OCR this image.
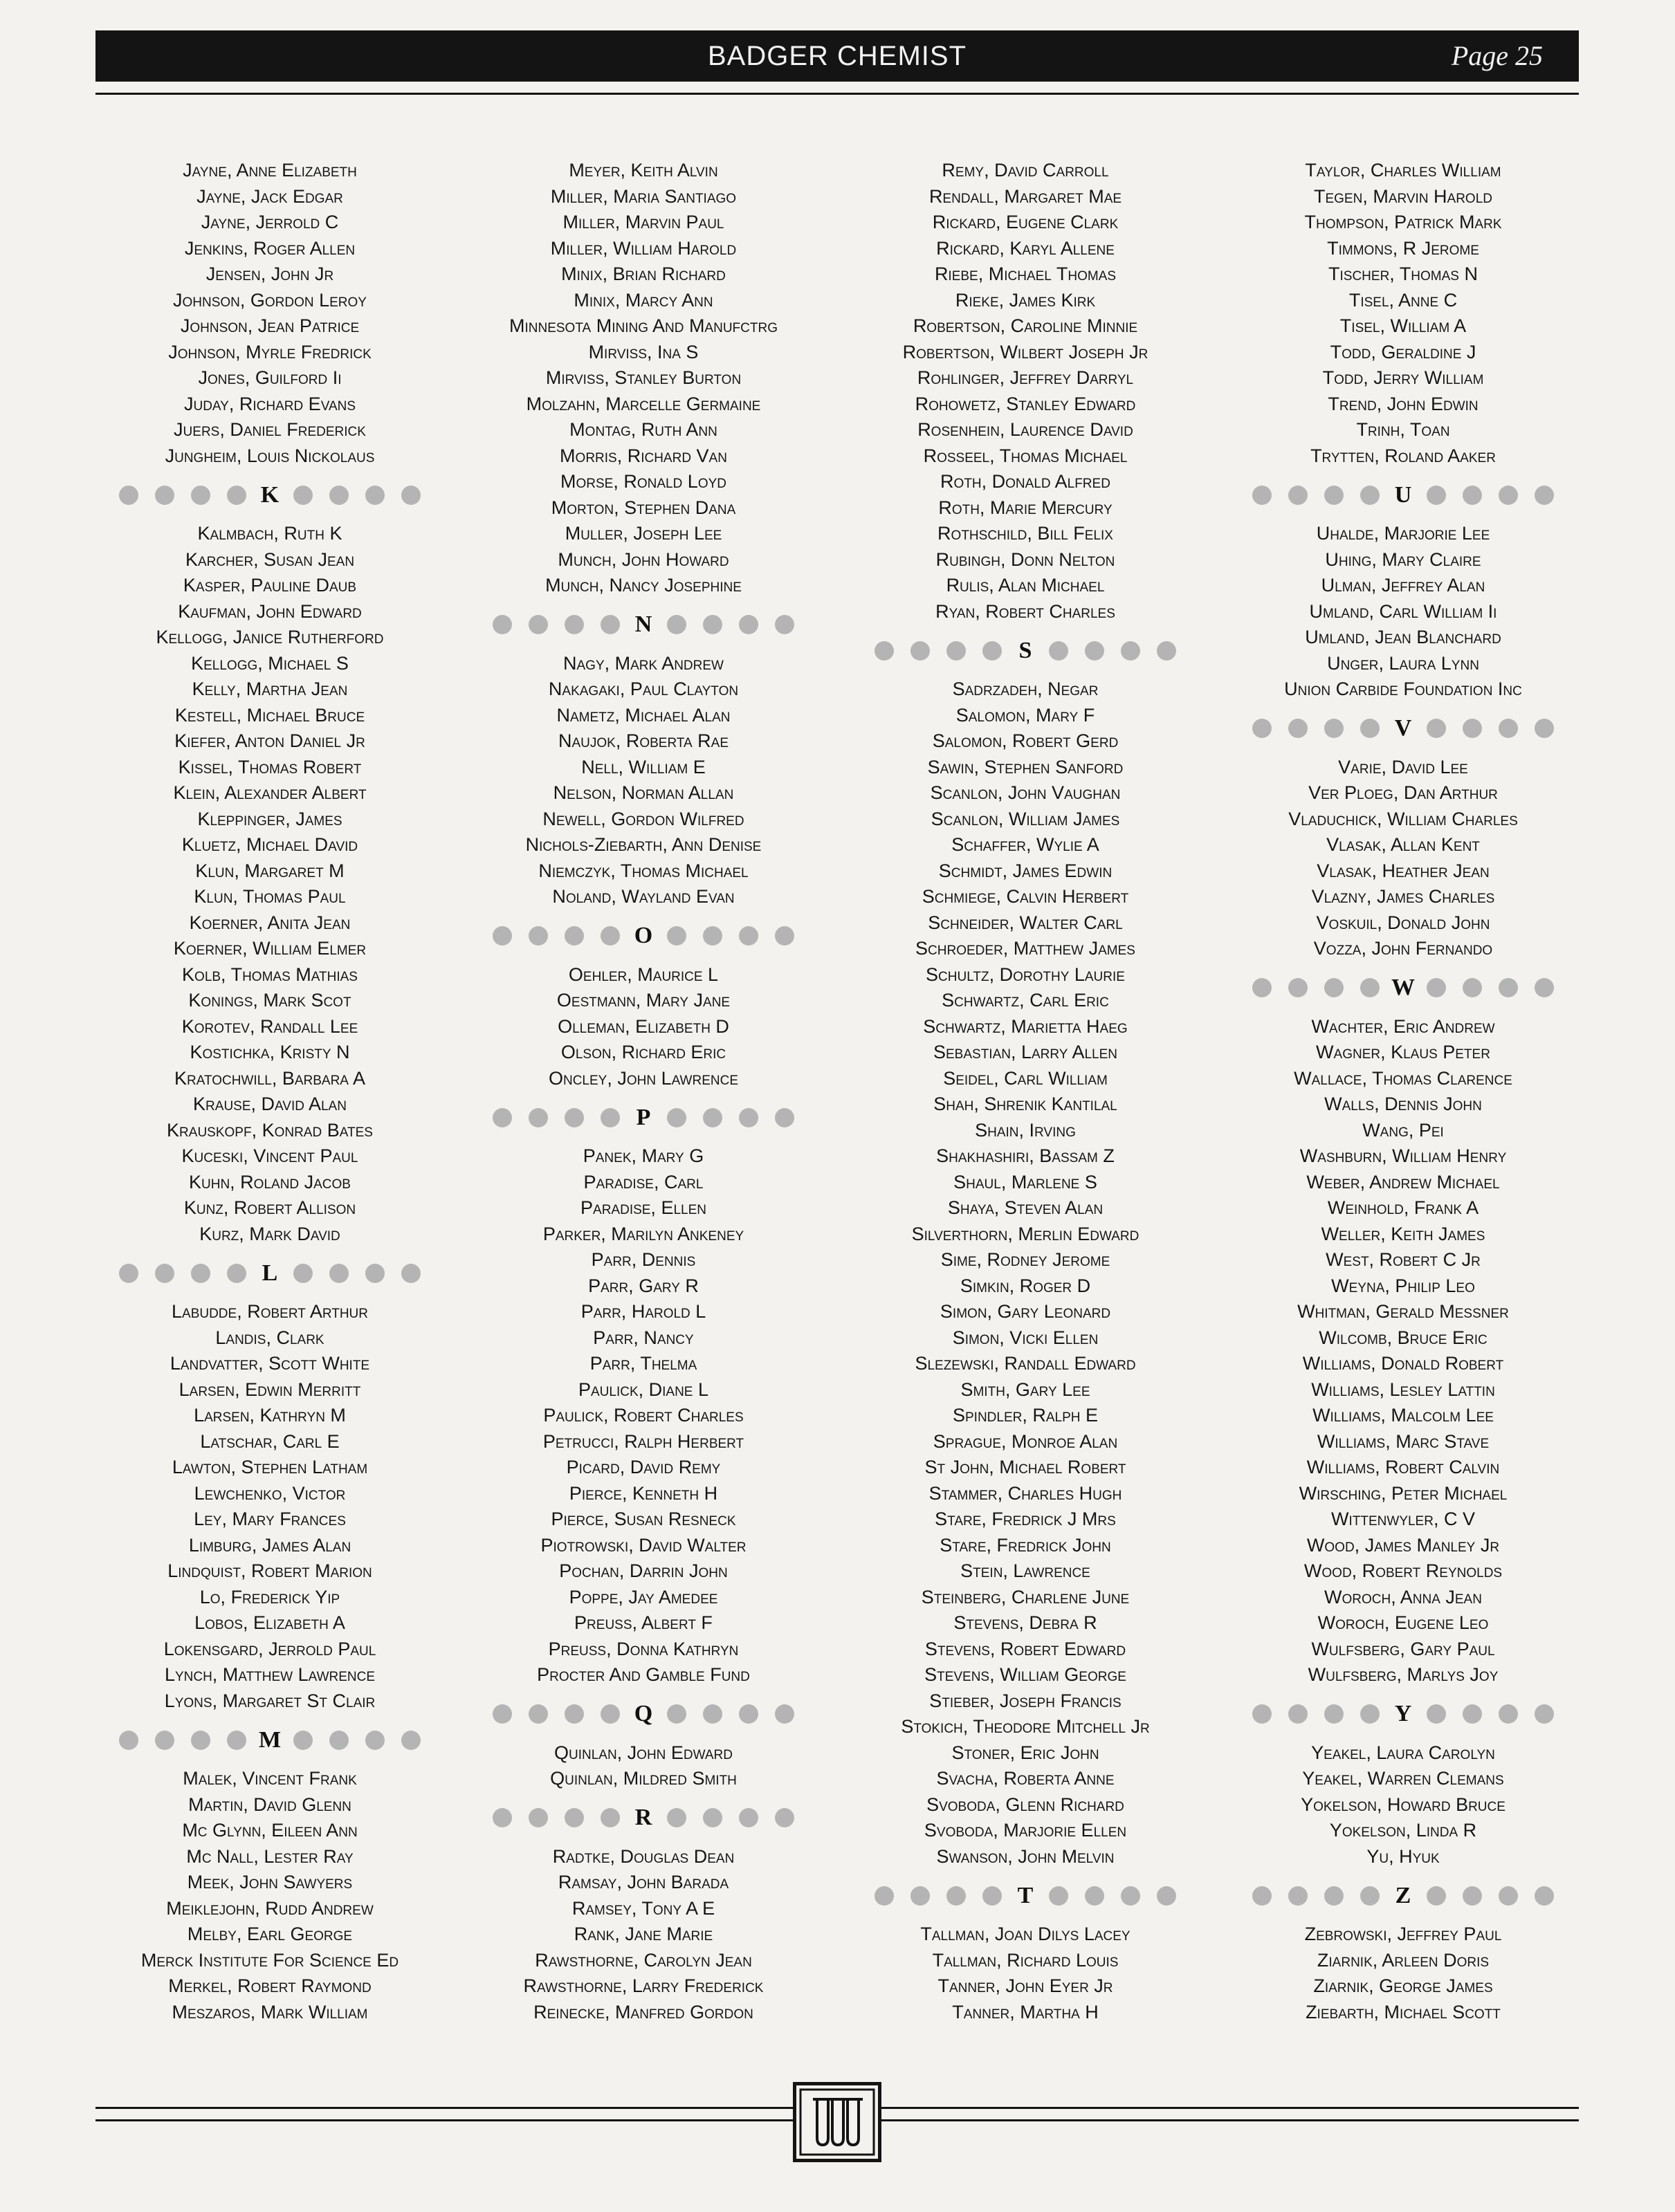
BADGER CHEMIST	Page 25
Jayne, Anne Elizabeth
Jayne, Jack Edgar
Jayne, Jerrold C
Jenkins, Roger Allen
Jensen, John Jr
Johnson, Gordon Leroy
Johnson, Jean Patrice
Johnson, Myrle Fredrick
Jones, Guilford Ii
Juday, Richard Evans
Juers, Daniel Frederick
Jungheim, Louis Nickolaus
K
Kalmbach, Ruth K
Karcher, Susan Jean
Kasper, Pauline Daub
Kaufman, John Edward
Kellogg, Janice Rutherford
Kellogg, Michael S
Kelly, Martha Jean
Kestell, Michael Bruce
Kiefer, Anton Daniel Jr
Kissel, Thomas Robert
Klein, Alexander Albert
Kleppinger, James
Kluetz, Michael David
Klun, Margaret M
Klun, Thomas Paul
Koerner, Anita Jean
Koerner, William Elmer
Kolb, Thomas Mathias
Konings, Mark Scot
Korotev, Randall Lee
Kostichka, Kristy N
Kratochwill, Barbara A
Krause, David Alan
Krauskopf, Konrad Bates
Kuceski, Vincent Paul
Kuhn, Roland Jacob
Kunz, Robert Allison
Kurz, Mark David
L
Labudde, Robert Arthur
Landis, Clark
Landvatter, Scott White
Larsen, Edwin Merritt
Larsen, Kathryn M
Latschar, Carl E
Lawton, Stephen Latham
Lewchenko, Victor
Ley, Mary Frances
Limburg, James Alan
Lindquist, Robert Marion
Lo, Frederick Yip
Lobos, Elizabeth A
Lokensgard, Jerrold Paul
Lynch, Matthew Lawrence
Lyons, Margaret St Clair
M
Malek, Vincent Frank
Martin, David Glenn
Mc Glynn, Eileen Ann
Mc Nall, Lester Ray
Meek, John Sawyers
Meiklejohn, Rudd Andrew
Melby, Earl George
Merck Institute For Science Ed
Merkel, Robert Raymond
Meszaros, Mark William
Meyer, Keith Alvin
Miller, Maria Santiago
Miller, Marvin Paul
Miller, William Harold
Minix, Brian Richard
Minix, Marcy Ann
Minnesota Mining And Manufctrg
Mirviss, Ina S
Mirviss, Stanley Burton
Molzahn, Marcelle Germaine
Montag, Ruth Ann
Morris, Richard Van
Morse, Ronald Loyd
Morton, Stephen Dana
Muller, Joseph Lee
Munch, John Howard
Munch, Nancy Josephine
N
Nagy, Mark Andrew
Nakagaki, Paul Clayton
Nametz, Michael Alan
Naujok, Roberta Rae
Nell, William E
Nelson, Norman Allan
Newell, Gordon Wilfred
Nichols-Ziebarth, Ann Denise
Niemczyk, Thomas Michael
Noland, Wayland Evan
O
Oehler, Maurice L
Oestmann, Mary Jane
Olleman, Elizabeth D
Olson, Richard Eric
Oncley, John Lawrence
P
Panek, Mary G
Paradise, Carl
Paradise, Ellen
Parker, Marilyn Ankeney
Parr, Dennis
Parr, Gary R
Parr, Harold L
Parr, Nancy
Parr, Thelma
Paulick, Diane L
Paulick, Robert Charles
Petrucci, Ralph Herbert
Picard, David Remy
Pierce, Kenneth H
Pierce, Susan Resneck
Piotrowski, David Walter
Pochan, Darrin John
Poppe, Jay Amedee
Preuss, Albert F
Preuss, Donna Kathryn
Procter And Gamble Fund
Q
Quinlan, John Edward
Quinlan, Mildred Smith
R
Radtke, Douglas Dean
Ramsay, John Barada
Ramsey, Tony A E
Rank, Jane Marie
Rawsthorne, Carolyn Jean
Rawsthorne, Larry Frederick
Reinecke, Manfred Gordon
Remy, David Carroll
Rendall, Margaret Mae
Rickard, Eugene Clark
Rickard, Karyl Allene
Riebe, Michael Thomas
Rieke, James Kirk
Robertson, Caroline Minnie
Robertson, Wilbert Joseph Jr
Rohlinger, Jeffrey Darryl
Rohowetz, Stanley Edward
Rosenhein, Laurence David
Rosseel, Thomas Michael
Roth, Donald Alfred
Roth, Marie Mercury
Rothschild, Bill Felix
Rubingh, Donn Nelton
Rulis, Alan Michael
Ryan, Robert Charles
S
Sadrzadeh, Negar
Salomon, Mary F
Salomon, Robert Gerd
Sawin, Stephen Sanford
Scanlon, John Vaughan
Scanlon, William James
Schaffer, Wylie A
Schmidt, James Edwin
Schmiege, Calvin Herbert
Schneider, Walter Carl
Schroeder, Matthew James
Schultz, Dorothy Laurie
Schwartz, Carl Eric
Schwartz, Marietta Haeg
Sebastian, Larry Allen
Seidel, Carl William
Shah, Shrenik Kantilal
Shain, Irving
Shakhashiri, Bassam Z
Shaul, Marlene S
Shaya, Steven Alan
Silverthorn, Merlin Edward
Sime, Rodney Jerome
Simkin, Roger D
Simon, Gary Leonard
Simon, Vicki Ellen
Slezewski, Randall Edward
Smith, Gary Lee
Spindler, Ralph E
Sprague, Monroe Alan
St John, Michael Robert
Stammer, Charles Hugh
Stare, Fredrick J Mrs
Stare, Fredrick John
Stein, Lawrence
Steinberg, Charlene June
Stevens, Debra R
Stevens, Robert Edward
Stevens, William George
Stieber, Joseph Francis
Stokich, Theodore Mitchell Jr
Stoner, Eric John
Svacha, Roberta Anne
Svoboda, Glenn Richard
Svoboda, Marjorie Ellen
Swanson, John Melvin
T
Tallman, Joan Dilys Lacey
Tallman, Richard Louis
Tanner, John Eyer Jr
Tanner, Martha H
Taylor, Charles William
Tegen, Marvin Harold
Thompson, Patrick Mark
Timmons, R Jerome
Tischer, Thomas N
Tisel, Anne C
Tisel, William A
Todd, Geraldine J
Todd, Jerry William
Trend, John Edwin
Trinh, Toan
Trytten, Roland Aaker
U
Uhalde, Marjorie Lee
Uhing, Mary Claire
Ulman, Jeffrey Alan
Umland, Carl William Ii
Umland, Jean Blanchard
Unger, Laura Lynn
Union Carbide Foundation Inc
V
Varie, David Lee
Ver Ploeg, Dan Arthur
Vladuchick, William Charles
Vlasak, Allan Kent
Vlasak, Heather Jean
Vlazny, James Charles
Voskuil, Donald John
Vozza, John Fernando
W
Wachter, Eric Andrew
Wagner, Klaus Peter
Wallace, Thomas Clarence
Walls, Dennis John
Wang, Pei
Washburn, William Henry
Weber, Andrew Michael
Weinhold, Frank A
Weller, Keith James
West, Robert C Jr
Weyna, Philip Leo
Whitman, Gerald Messner
Wilcomb, Bruce Eric
Williams, Donald Robert
Williams, Lesley Lattin
Williams, Malcolm Lee
Williams, Marc Stave
Williams, Robert Calvin
Wirsching, Peter Michael
Wittenwyler, C V
Wood, James Manley Jr
Wood, Robert Reynolds
Woroch, Anna Jean
Woroch, Eugene Leo
Wulfsberg, Gary Paul
Wulfsberg, Marlys Joy
Y
Yeakel, Laura Carolyn
Yeakel, Warren Clemans
Yokelson, Howard Bruce
Yokelson, Linda R
Yu, Hyuk
Z
Zebrowski, Jeffrey Paul
Ziarnik, Arleen Doris
Ziarnik, George James
Ziebarth, Michael Scott
